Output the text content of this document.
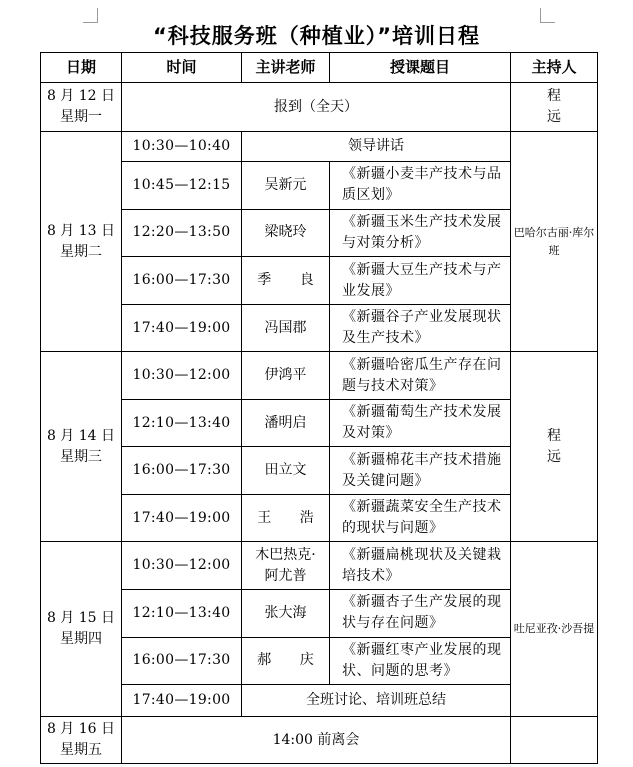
“科技服务班（种植业）”培训日程
日期	时间	主讲老师	授课题目	主持人

8 月 12 日
星期一	报到（全天）			程 远

8 月 13 日
星期二	10:30—10:40	领导讲话		巴哈尔古丽·库尔班
	10:45—12:15	吴新元	《新疆小麦丰产技术与品质区划》	
	12:20—13:50	梁晓玲	《新疆玉米生产技术发展与对策分析》	
	16:00—17:30	季 良	《新疆大豆生产技术与产业发展》	
	17:40—19:00	冯国郡	《新疆谷子产业发展现状及生产技术》	

8 月 14 日
星期三	10:30—12:00	伊鸿平	《新疆哈密瓜生产存在问题与技术对策》	程 远
	12:10—13:40	潘明启	《新疆葡萄生产技术发展及对策》	
	16:00—17:30	田立文	《新疆棉花丰产技术措施及关键问题》	
	17:40—19:00	王 浩	《新疆蔬菜安全生产技术的现状与问题》	

8 月 15 日
星期四	10:30—12:00	木巴热克·阿尤普	《新疆扁桃现状及关键栽培技术》	吐尼亚孜·沙吾提
	12:10—13:40	张大海	《新疆杏子生产发展的现状与存在问题》	
	16:00—17:30	郝 庆	《新疆红枣产业发展的现状、问题的思考》	
	17:40—19:00	全班讨论、培训班总结		

8 月 16 日
星期五	14:00 前离会			
